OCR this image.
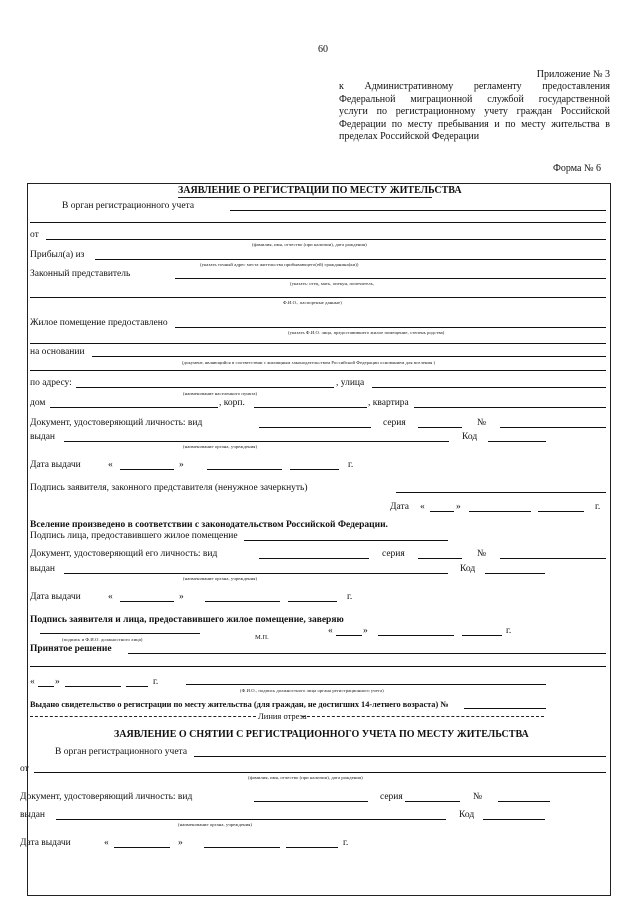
60
Приложение № 3
к Административному регламенту предоставления
Федеральной миграционной службой государственной
услуги по регистрационному учету граждан Российской
Федерации по месту пребывания и по месту жительства в
пределах Российской Федерации
Форма № 6
ЗАЯВЛЕНИЕ О РЕГИСТРАЦИИ ПО МЕСТУ ЖИТЕЛЬСТВА
В орган регистрационного учета
от
(фамилия, имя, отчество (при наличии), дата рождения)
Прибыл(а) из
(указать точный адрес места жительства прибывающего(ей) гражданина(ки))
Законный представитель
(указать: отец, мать, опекун, попечитель,
Ф.И.О., паспортные данные)
Жилое помещение предоставлено
(указать Ф.И.О. лица, предоставившего жилое помещение, степень родства)
на основании
(документ, являющийся в соответствии с жилищным законодательством Российской Федерации основанием для вселения )
по адресу:	, улица
(наименование населенного пункта)
дом	, корп.	, квартира
Документ, удостоверяющий личность: вид	серия	№
выдан	Код
(наименование органа, учреждения)
Дата выдачи	«	»	г.
Подпись заявителя, законного представителя (ненужное зачеркнуть)
Дата «	»	г.
Вселение произведено в соответствии с законодательством Российской Федерации.
Подпись лица, предоставившего жилое помещение
Документ, удостоверяющий его личность: вид	серия	№
выдан	Код
(наименование органа, учреждения)
Дата выдачи	«	»	г.
Подпись заявителя и лица, предоставившего жилое помещение, заверяю
«	»	г.
(подпись и Ф.И.О. должностного лица)	М.П.
Принятое решение
« »	г.
(Ф.И.О., подпись должностного лица органа регистрационного учета)
Выдано свидетельство о регистрации по месту жительства (для граждан, не достигших 14-летнего возраста) №
Линия отреза
ЗАЯВЛЕНИЕ О СНЯТИИ С РЕГИСТРАЦИОННОГО УЧЕТА ПО МЕСТУ ЖИТЕЛЬСТВА
В орган регистрационного учета
от
(фамилия, имя, отчество (при наличии), дата рождения)
Документ, удостоверяющий личность: вид	серия	№
выдан	Код
(наименование органа, учреждения)
Дата выдачи	«	»	г.
